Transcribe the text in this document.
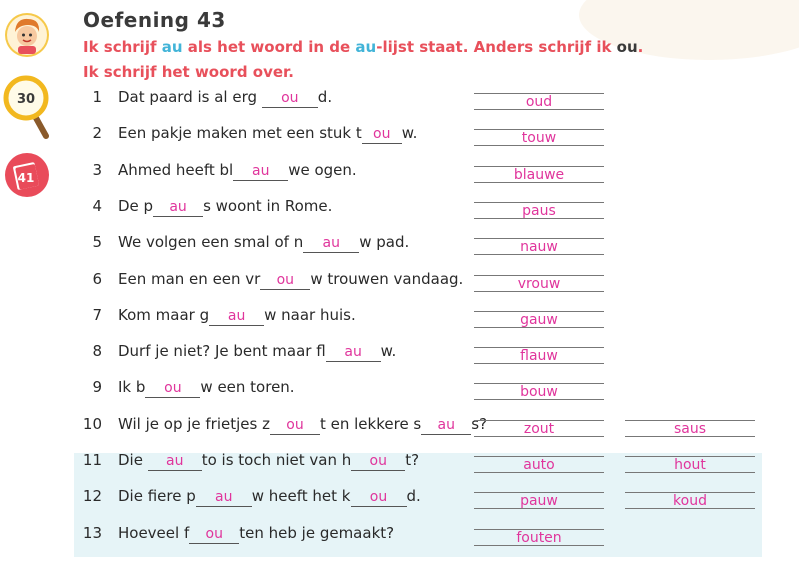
30
41
Oefening 43
Ik schrijf au als het woord in de au-lijst staat. Anders schrijf ik ou.
Ik schrijf het woord over.
1 Dat paard is al erg ou d.	oud
2 Een pakje maken met een stuk t ou w.	touw
3 Ahmed heeft bl au we ogen.	blauwe
4 De p au s woont in Rome.	paus
5 We volgen een smal of n au w pad.	nauw
6 Een man en een vr ou w trouwen vandaag.	vrouw
7 Kom maar g au w naar huis.	gauw
8 Durf je niet? Je bent maar fl au w.	flauw
9 Ik b ou w een toren.	bouw
10 Wil je op je frietjes z ou t en lekkere s au s?	zout	saus
11 Die au to is toch niet van h ou t?	auto	hout
12 Die fiere p au w heeft het k ou d.	pauw	koud
13 Hoeveel f ou ten heb je gemaakt?	fouten
